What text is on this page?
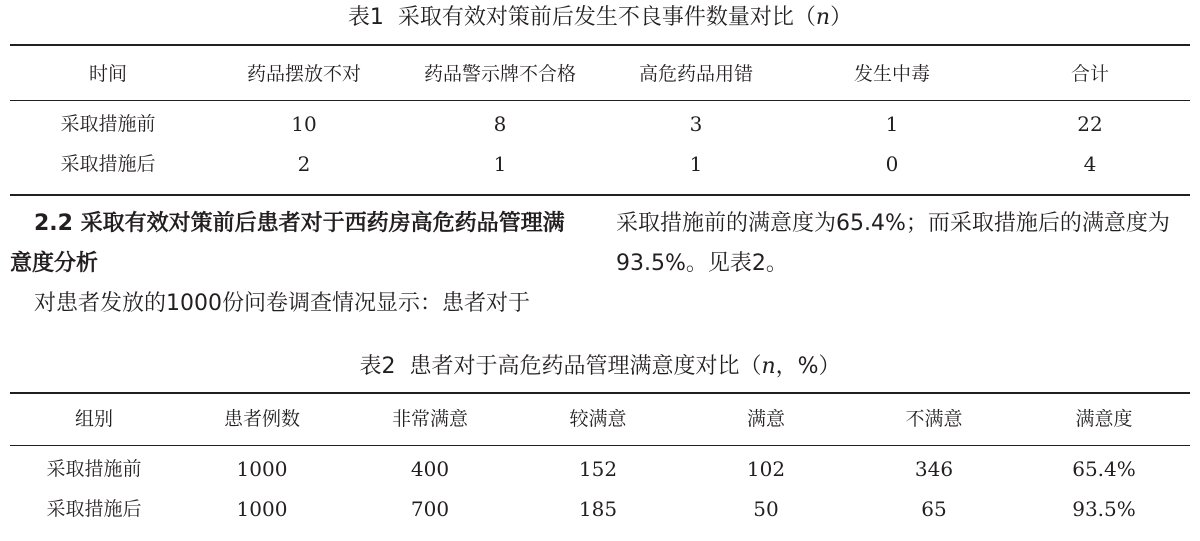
表1 采取有效对策前后发生不良事件数量对比（n）
时间	药品摆放不对	药品警示牌不合格	高危药品用错	发生中毒	合计
采取措施前	10	8	3	1	22
采取措施后	2	1	1	0	4
2.2 采取有效对策前后患者对于西药房高危药品管理满
意度分析
对患者发放的1000份问卷调查情况显示：患者对于
采取措施前的满意度为65.4%；而采取措施后的满意度为
93.5%。见表2。
表2 患者对于高危药品管理满意度对比（n，%）
组别	患者例数	非常满意	较满意	满意	不满意	满意度
采取措施前	1000	400	152	102	346	65.4%
采取措施后	1000	700	185	50	65	93.5%
